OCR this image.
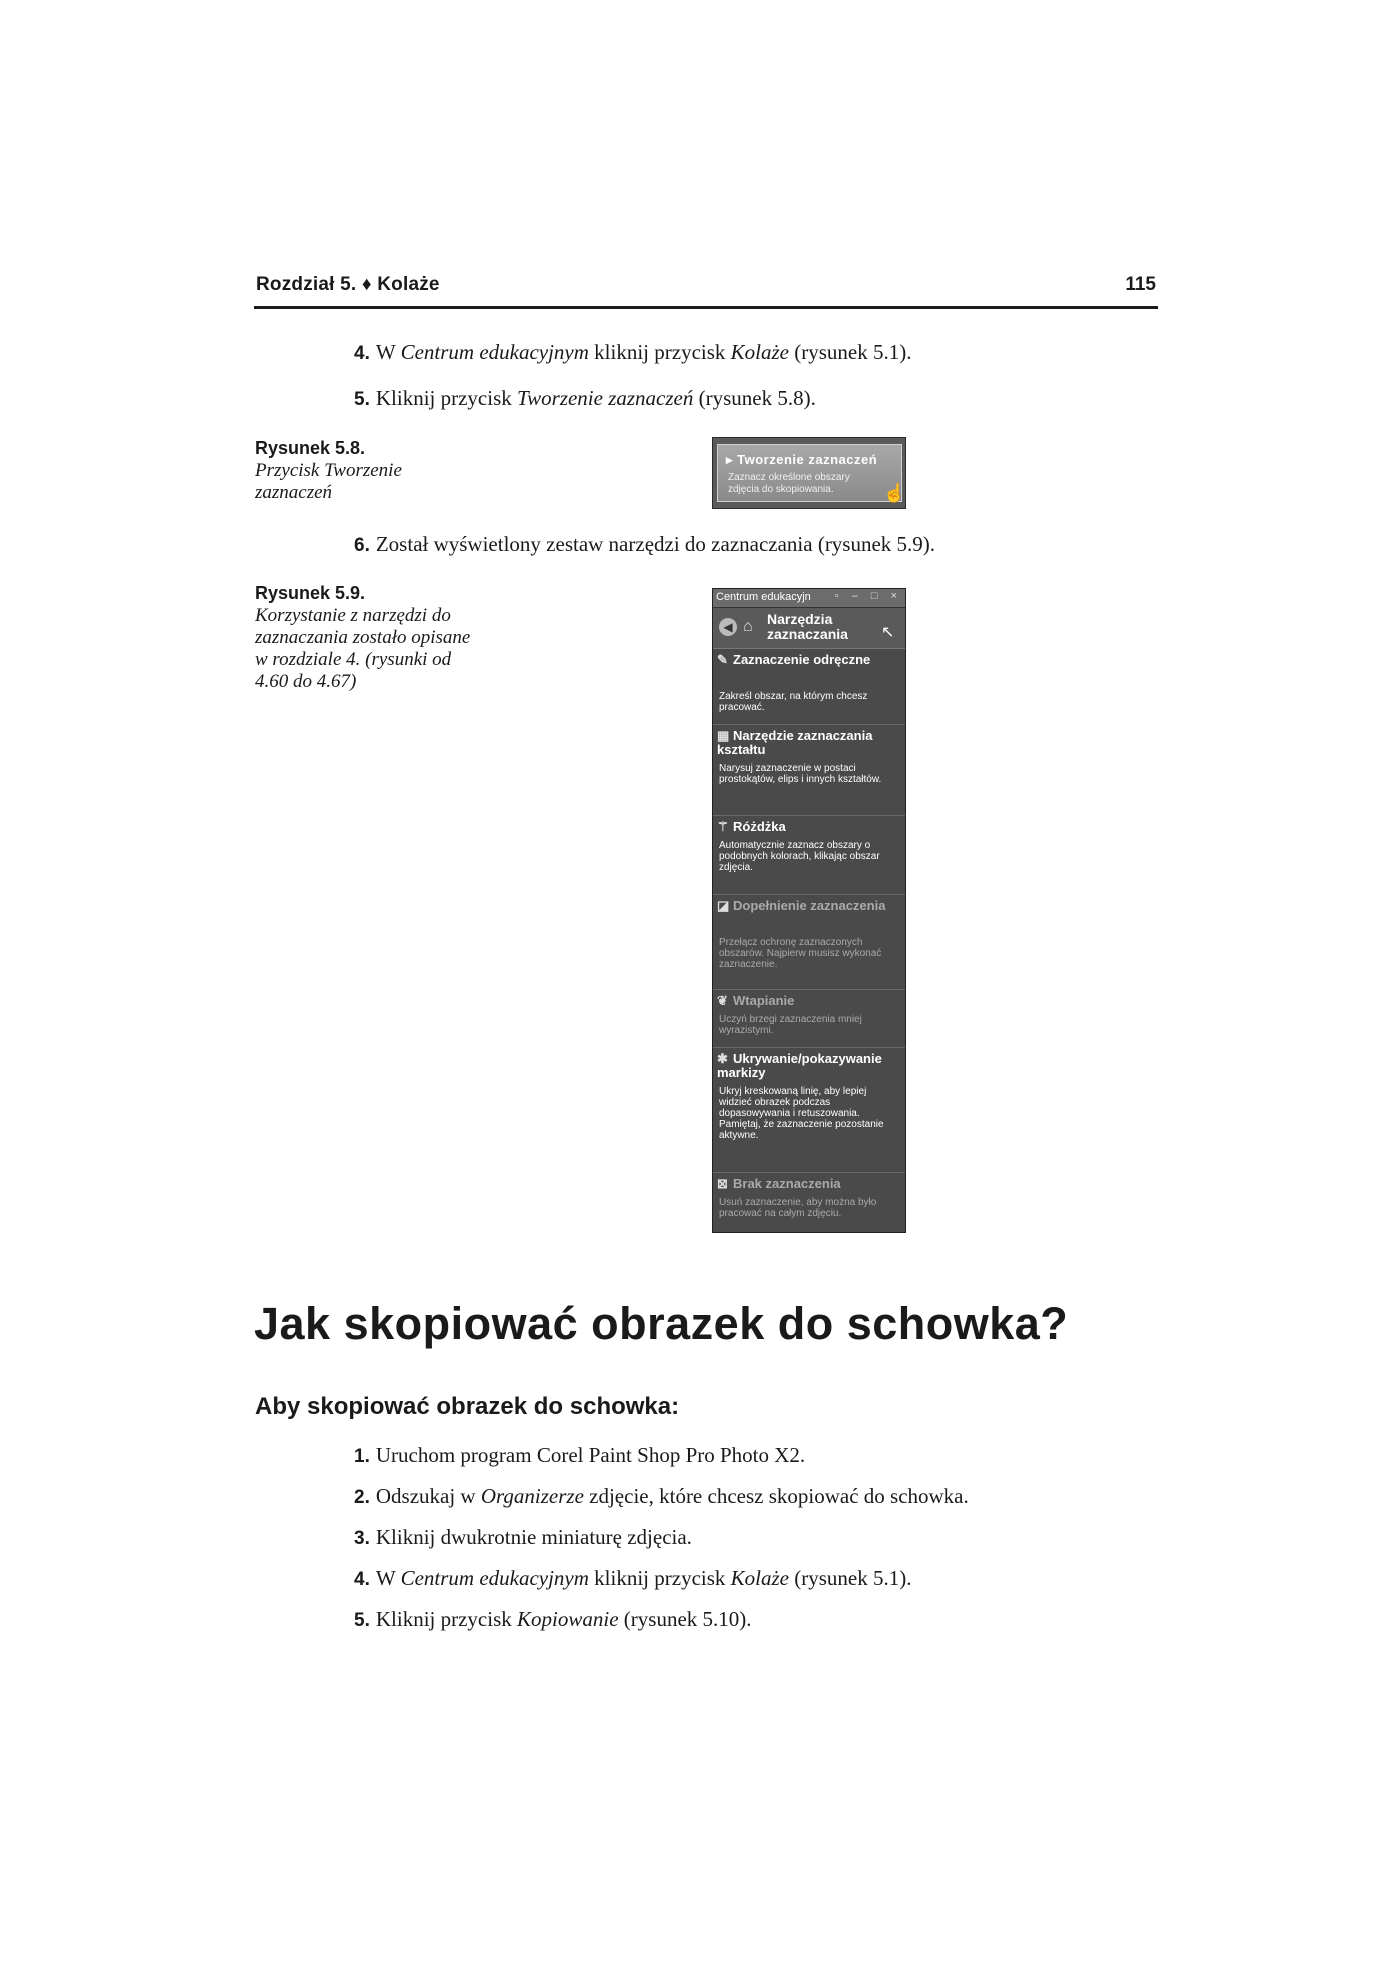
Rozdział 5. ♦ Kolaże	115
4. W Centrum edukacyjnym kliknij przycisk Kolaże (rysunek 5.1).
5. Kliknij przycisk Tworzenie zaznaczeń (rysunek 5.8).
Rysunek 5.8.
Przycisk Tworzenie zaznaczeń
▸ Tworzenie zaznaczeń
Zaznacz określone obszary zdjęcia do skopiowania.	☝
6. Został wyświetlony zestaw narzędzi do zaznaczania (rysunek 5.9).
Rysunek 5.9.
Korzystanie z narzędzi do zaznaczania zostało opisane w rozdziale 4. (rysunki od 4.60 do 4.67)
Centrum edukacyjn ▫ – □ ×
◀ ⌂ Narzędzia zaznaczania	↖
✎ Zaznaczenie odręczne
Zakreśl obszar, na którym chcesz pracować.
▦ Narzędzie zaznaczania kształtu
Narysuj zaznaczenie w postaci prostokątów, elips i innych kształtów.
⚚ Różdżka
Automatycznie zaznacz obszary o podobnych kolorach, klikając obszar zdjęcia.
◪ Dopełnienie zaznaczenia
Przełącz ochronę zaznaczonych obszarów. Najpierw musisz wykonać zaznaczenie.
❦ Wtapianie
Uczyń brzegi zaznaczenia mniej wyrazistymi.
✱ Ukrywanie/pokazywanie markizy
Ukryj kreskowaną linię, aby lepiej widzieć obrazek podczas dopasowywania i retuszowania. Pamiętaj, że zaznaczenie pozostanie aktywne.
⊠ Brak zaznaczenia
Usuń zaznaczenie, aby można było pracować na całym zdjęciu.
Jak skopiować obrazek do schowka?
Aby skopiować obrazek do schowka:
1. Uruchom program Corel Paint Shop Pro Photo X2.
2. Odszukaj w Organizerze zdjęcie, które chcesz skopiować do schowka.
3. Kliknij dwukrotnie miniaturę zdjęcia.
4. W Centrum edukacyjnym kliknij przycisk Kolaże (rysunek 5.1).
5. Kliknij przycisk Kopiowanie (rysunek 5.10).
